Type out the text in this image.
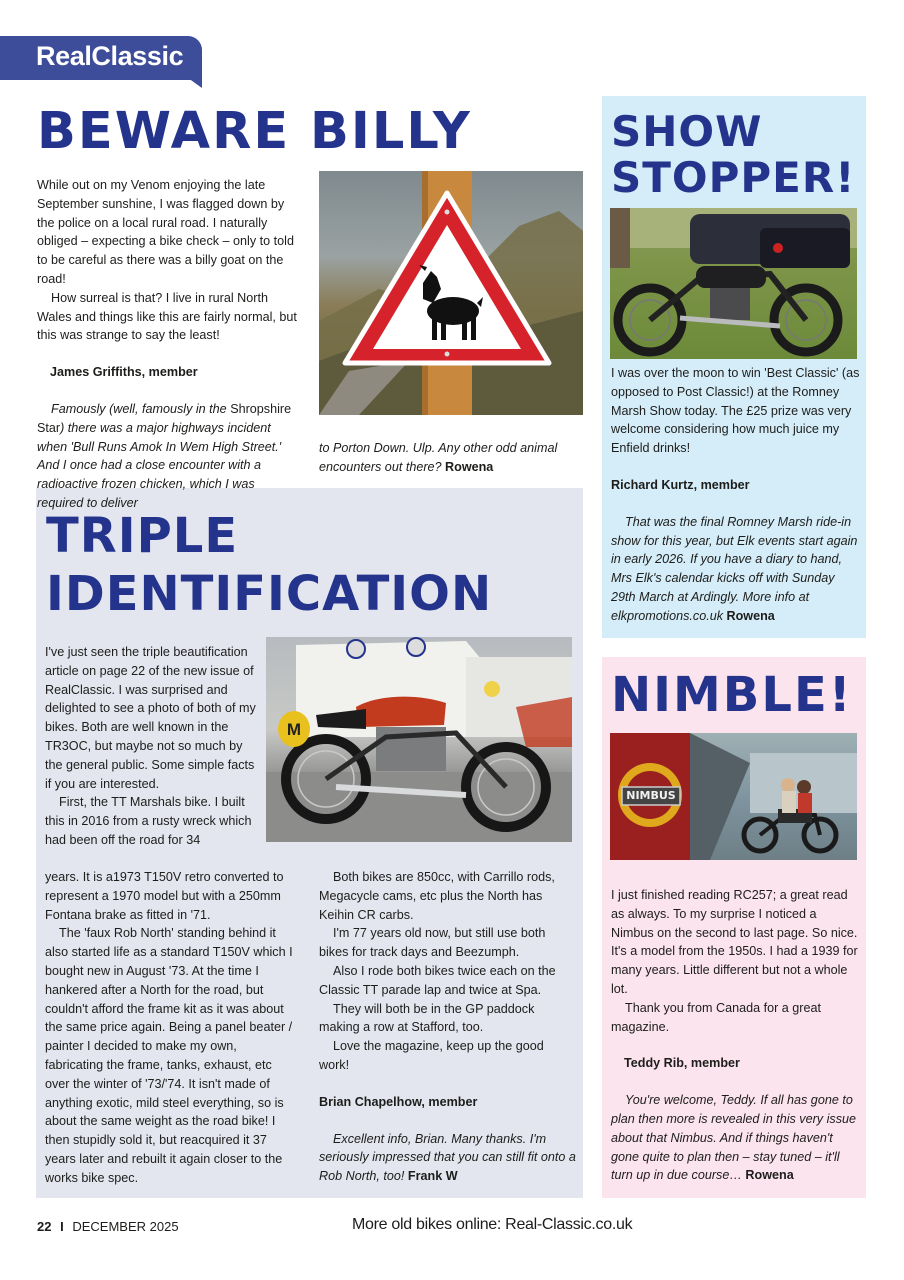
RealClassic
BEWARE BILLY

While out on my Venom enjoying the late September sunshine, I was flagged down by the police on a local rural road. I naturally obliged – expecting a bike check – only to told to be careful as there was a billy goat on the road!

How surreal is that? I live in rural North Wales and things like this are fairly normal, but this was strange to say the least!

James Griffiths, member

Famously (well, famously in the Shropshire Star) there was a major highways incident when 'Bull Runs Amok In Wem High Street.' And I once had a close encounter with a radioactive frozen chicken, which I was required to deliver

to Porton Down. Ulp. Any other odd animal encounters out there? Rowena
SHOW
STOPPER!

I was over the moon to win 'Best Classic' (as opposed to Post Classic!) at the Romney Marsh Show today. The £25 prize was very welcome considering how much juice my Enfield drinks!

Richard Kurtz, member

That was the final Romney Marsh ride-in show for this year, but Elk events start again in early 2026. If you have a diary to hand, Mrs Elk's calendar kicks off with Sunday 29th March at Ardingly. More info at elkpromotions.co.uk Rowena

TRIPLE
IDENTIFICATION
M

I've just seen the triple beautification article on page 22 of the new issue of RealClassic. I was surprised and delighted to see a photo of both of my bikes. Both are well known in the TR3OC, but maybe not so much by the general public. Some simple facts if you are interested.

First, the TT Marshals bike. I built this in 2016 from a rusty wreck which had been off the road for 34

years. It is a1973 T150V retro converted to represent a 1970 model but with a 250mm Fontana brake as fitted in '71.

The 'faux Rob North' standing behind it also started life as a standard T150V which I bought new in August '73. At the time I hankered after a North for the road, but couldn't afford the frame kit as it was about the same price again. Being a panel beater / painter I decided to make my own, fabricating the frame, tanks, exhaust, etc over the winter of '73/'74. It isn't made of anything exotic, mild steel everything, so is about the same weight as the road bike! I then stupidly sold it, but reacquired it 37 years later and rebuilt it again closer to the works bike spec.

Both bikes are 850cc, with Carrillo rods, Megacycle cams, etc plus the North has Keihin CR carbs.

I'm 77 years old now, but still use both bikes for track days and Beezumph.

Also I rode both bikes twice each on the Classic TT parade lap and twice at Spa.

They will both be in the GP paddock making a row at Stafford, too.

Love the magazine, keep up the good work!

Brian Chapelhow, member

Excellent info, Brian. Many thanks. I'm seriously impressed that you can still fit onto a Rob North, too! Frank W

NIMBLE!
NIMBUS

I just finished reading RC257; a great read as always. To my surprise I noticed a Nimbus on the second to last page. So nice. It's a model from the 1950s. I had a 1939 for many years. Little different but not a whole lot.

Thank you from Canada for a great magazine.

Teddy Rib, member

You're welcome, Teddy. If all has gone to plan then more is revealed in this very issue about that Nimbus. And if things haven't gone quite to plan then – stay tuned – it'll turn up in due course… Rowena

22 I DECEMBER 2025	More old bikes online: Real-Classic.co.uk
